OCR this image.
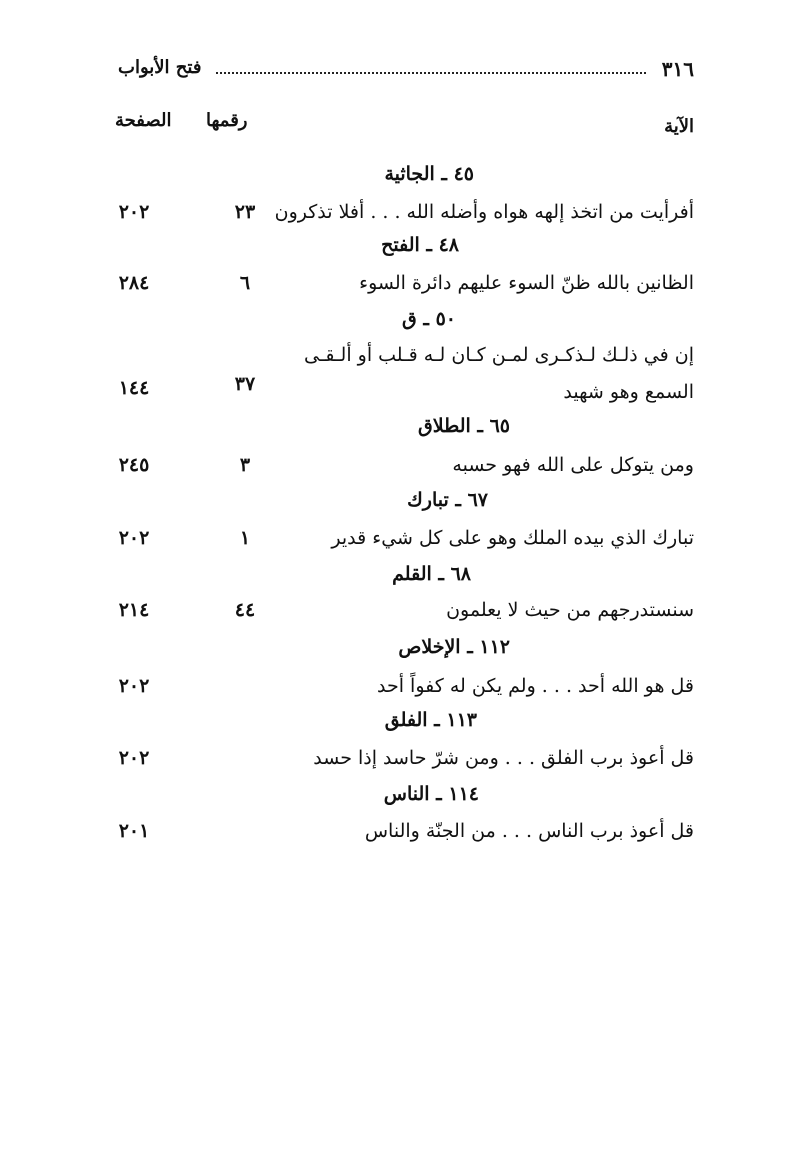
٣١٦
فتح الأبواب
الآية
رقمها
الصفحة
٤٥ ـ الجاثية
أفرأيت من اتخذ إلهه هواه وأضله الله . . . أفلا تذكرون
٢٣
٢٠٢
٤٨ ـ الفتح
الظانين بالله ظنّ السوء عليهم دائرة السوء
٦
٢٨٤
٥٠ ـ ق
إن في ذلـك لـذكـرى لمـن كـان لـه قـلب أو ألـقـى
السمع وهو شهيد
٣٧
١٤٤
٦٥ ـ الطلاق
ومن يتوكل على الله فهو حسبه
٣
٢٤٥
٦٧ ـ تبارك
تبارك الذي بيده الملك وهو على كل شيء قدير
١
٢٠٢
٦٨ ـ القلم
سنستدرجهم من حيث لا يعلمون
٤٤
٢١٤
١١٢ ـ الإخلاص
قل هو الله أحد . . . ولم يكن له كفواً أحد
٢٠٢
١١٣ ـ الفلق
قل أعوذ برب الفلق . . . ومن شرّ حاسد إذا حسد
٢٠٢
١١٤ ـ الناس
قل أعوذ برب الناس . . . من الجنّة والناس
٢٠١
